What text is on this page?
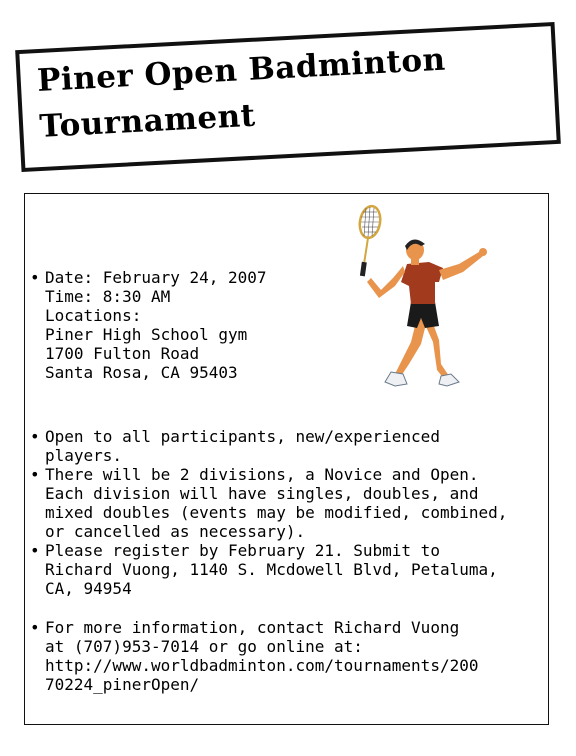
Piner Open Badminton
Tournament
• Date: February 24, 2007
Time: 8:30 AM
Locations:
Piner High School gym
1700 Fulton Road
Santa Rosa, CA 95403
• Open to all participants, new/experienced
players.
• There will be 2 divisions, a Novice and Open.
Each division will have singles, doubles, and
mixed doubles (events may be modified, combined,
or cancelled as necessary).
• Please register by February 21. Submit to
Richard Vuong, 1140 S. Mcdowell Blvd, Petaluma,
CA, 94954
• For more information, contact Richard Vuong
at (707)953-7014 or go online at:
http://www.worldbadminton.com/tournaments/200
70224_pinerOpen/
